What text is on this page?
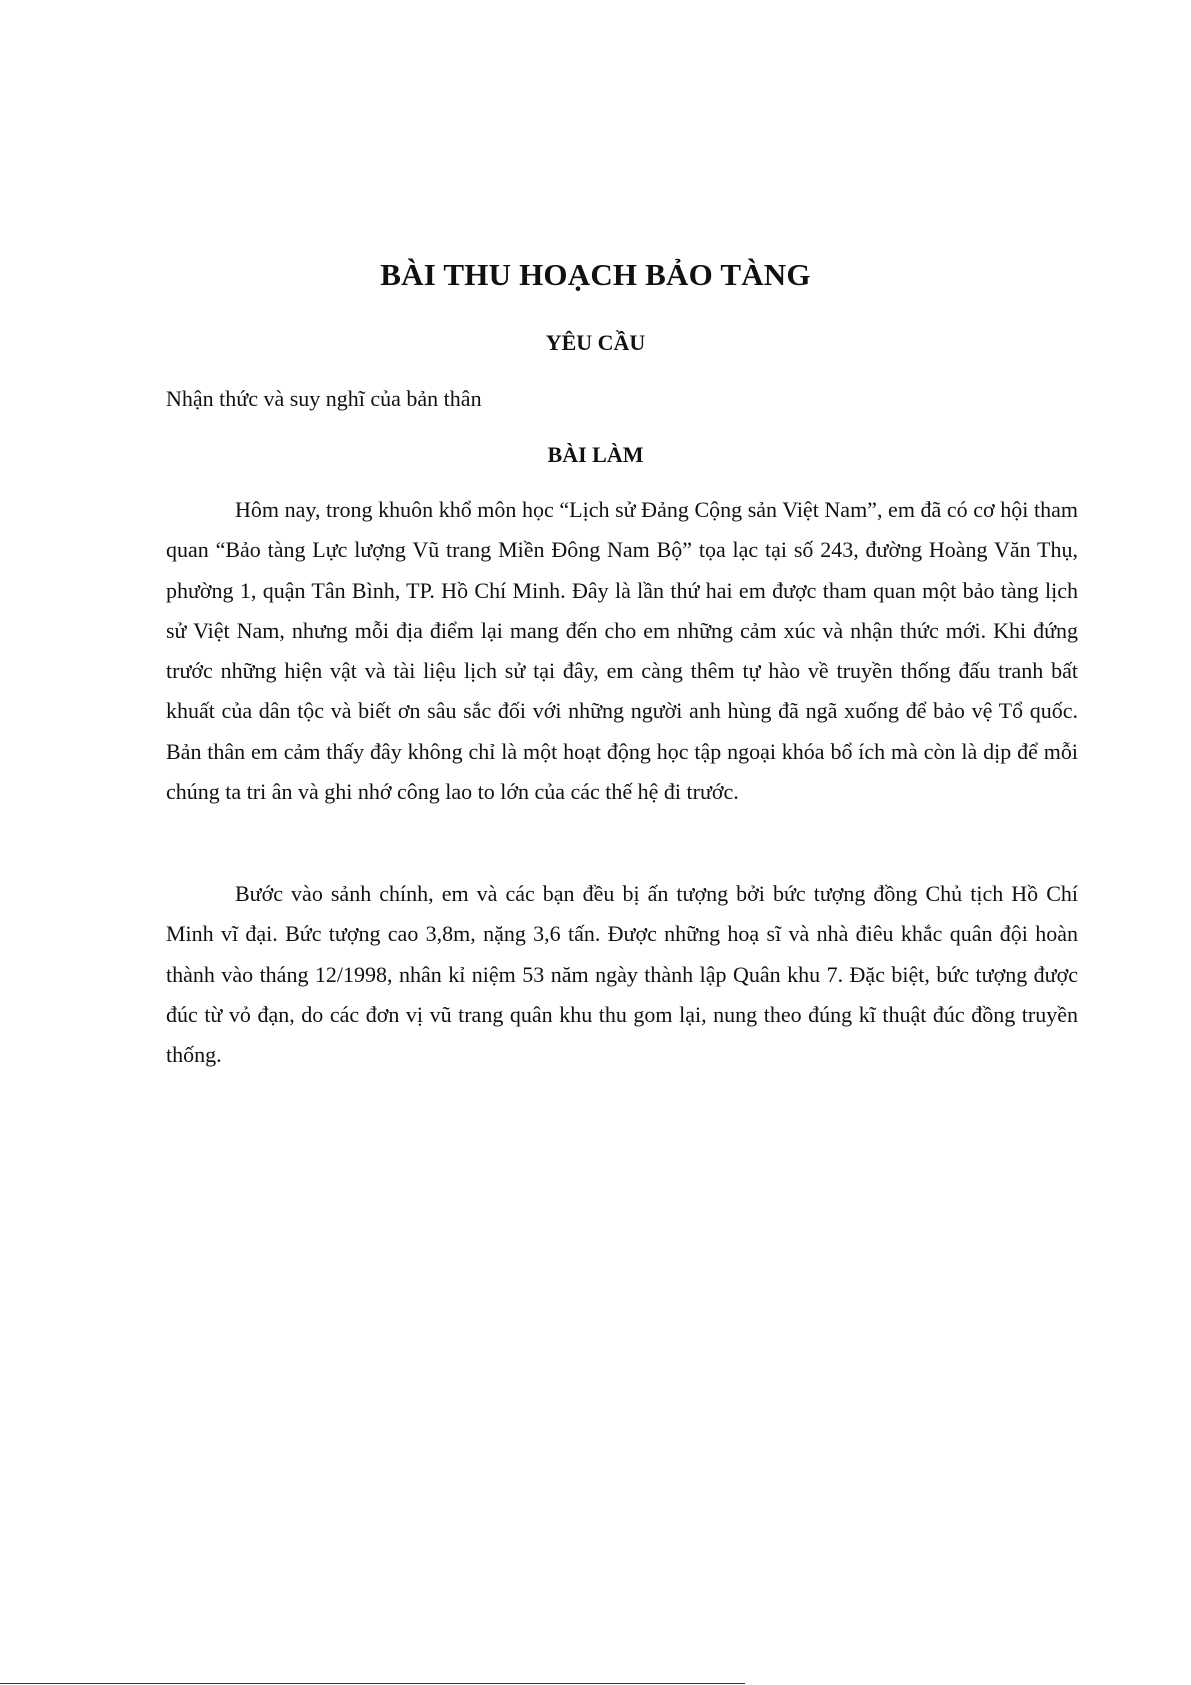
BÀI THU HOẠCH BẢO TÀNG
YÊU CẦU
Nhận thức và suy nghĩ của bản thân
BÀI LÀM

Hôm nay, trong khuôn khổ môn học “Lịch sử Đảng Cộng sản Việt Nam”, em đã có cơ hội tham quan “Bảo tàng Lực lượng Vũ trang Miền Đông Nam Bộ” tọa lạc tại số 243, đường Hoàng Văn Thụ, phường 1, quận Tân Bình, TP. Hồ Chí Minh. Đây là lần thứ hai em được tham quan một bảo tàng lịch sử Việt Nam, nhưng mỗi địa điểm lại mang đến cho em những cảm xúc và nhận thức mới. Khi đứng trước những hiện vật và tài liệu lịch sử tại đây, em càng thêm tự hào về truyền thống đấu tranh bất khuất của dân tộc và biết ơn sâu sắc đối với những người anh hùng đã ngã xuống để bảo vệ Tổ quốc. Bản thân em cảm thấy đây không chỉ là một hoạt động học tập ngoại khóa bổ ích mà còn là dịp để mỗi chúng ta tri ân và ghi nhớ công lao to lớn của các thế hệ đi trước.

Bước vào sảnh chính, em và các bạn đều bị ấn tượng bởi bức tượng đồng Chủ tịch Hồ Chí Minh vĩ đại. Bức tượng cao 3,8m, nặng 3,6 tấn. Được những hoạ sĩ và nhà điêu khắc quân đội hoàn thành vào tháng 12/1998, nhân kỉ niệm 53 năm ngày thành lập Quân khu 7. Đặc biệt, bức tượng được đúc từ vỏ đạn, do các đơn vị vũ trang quân khu thu gom lại, nung theo đúng kĩ thuật đúc đồng truyền thống.
